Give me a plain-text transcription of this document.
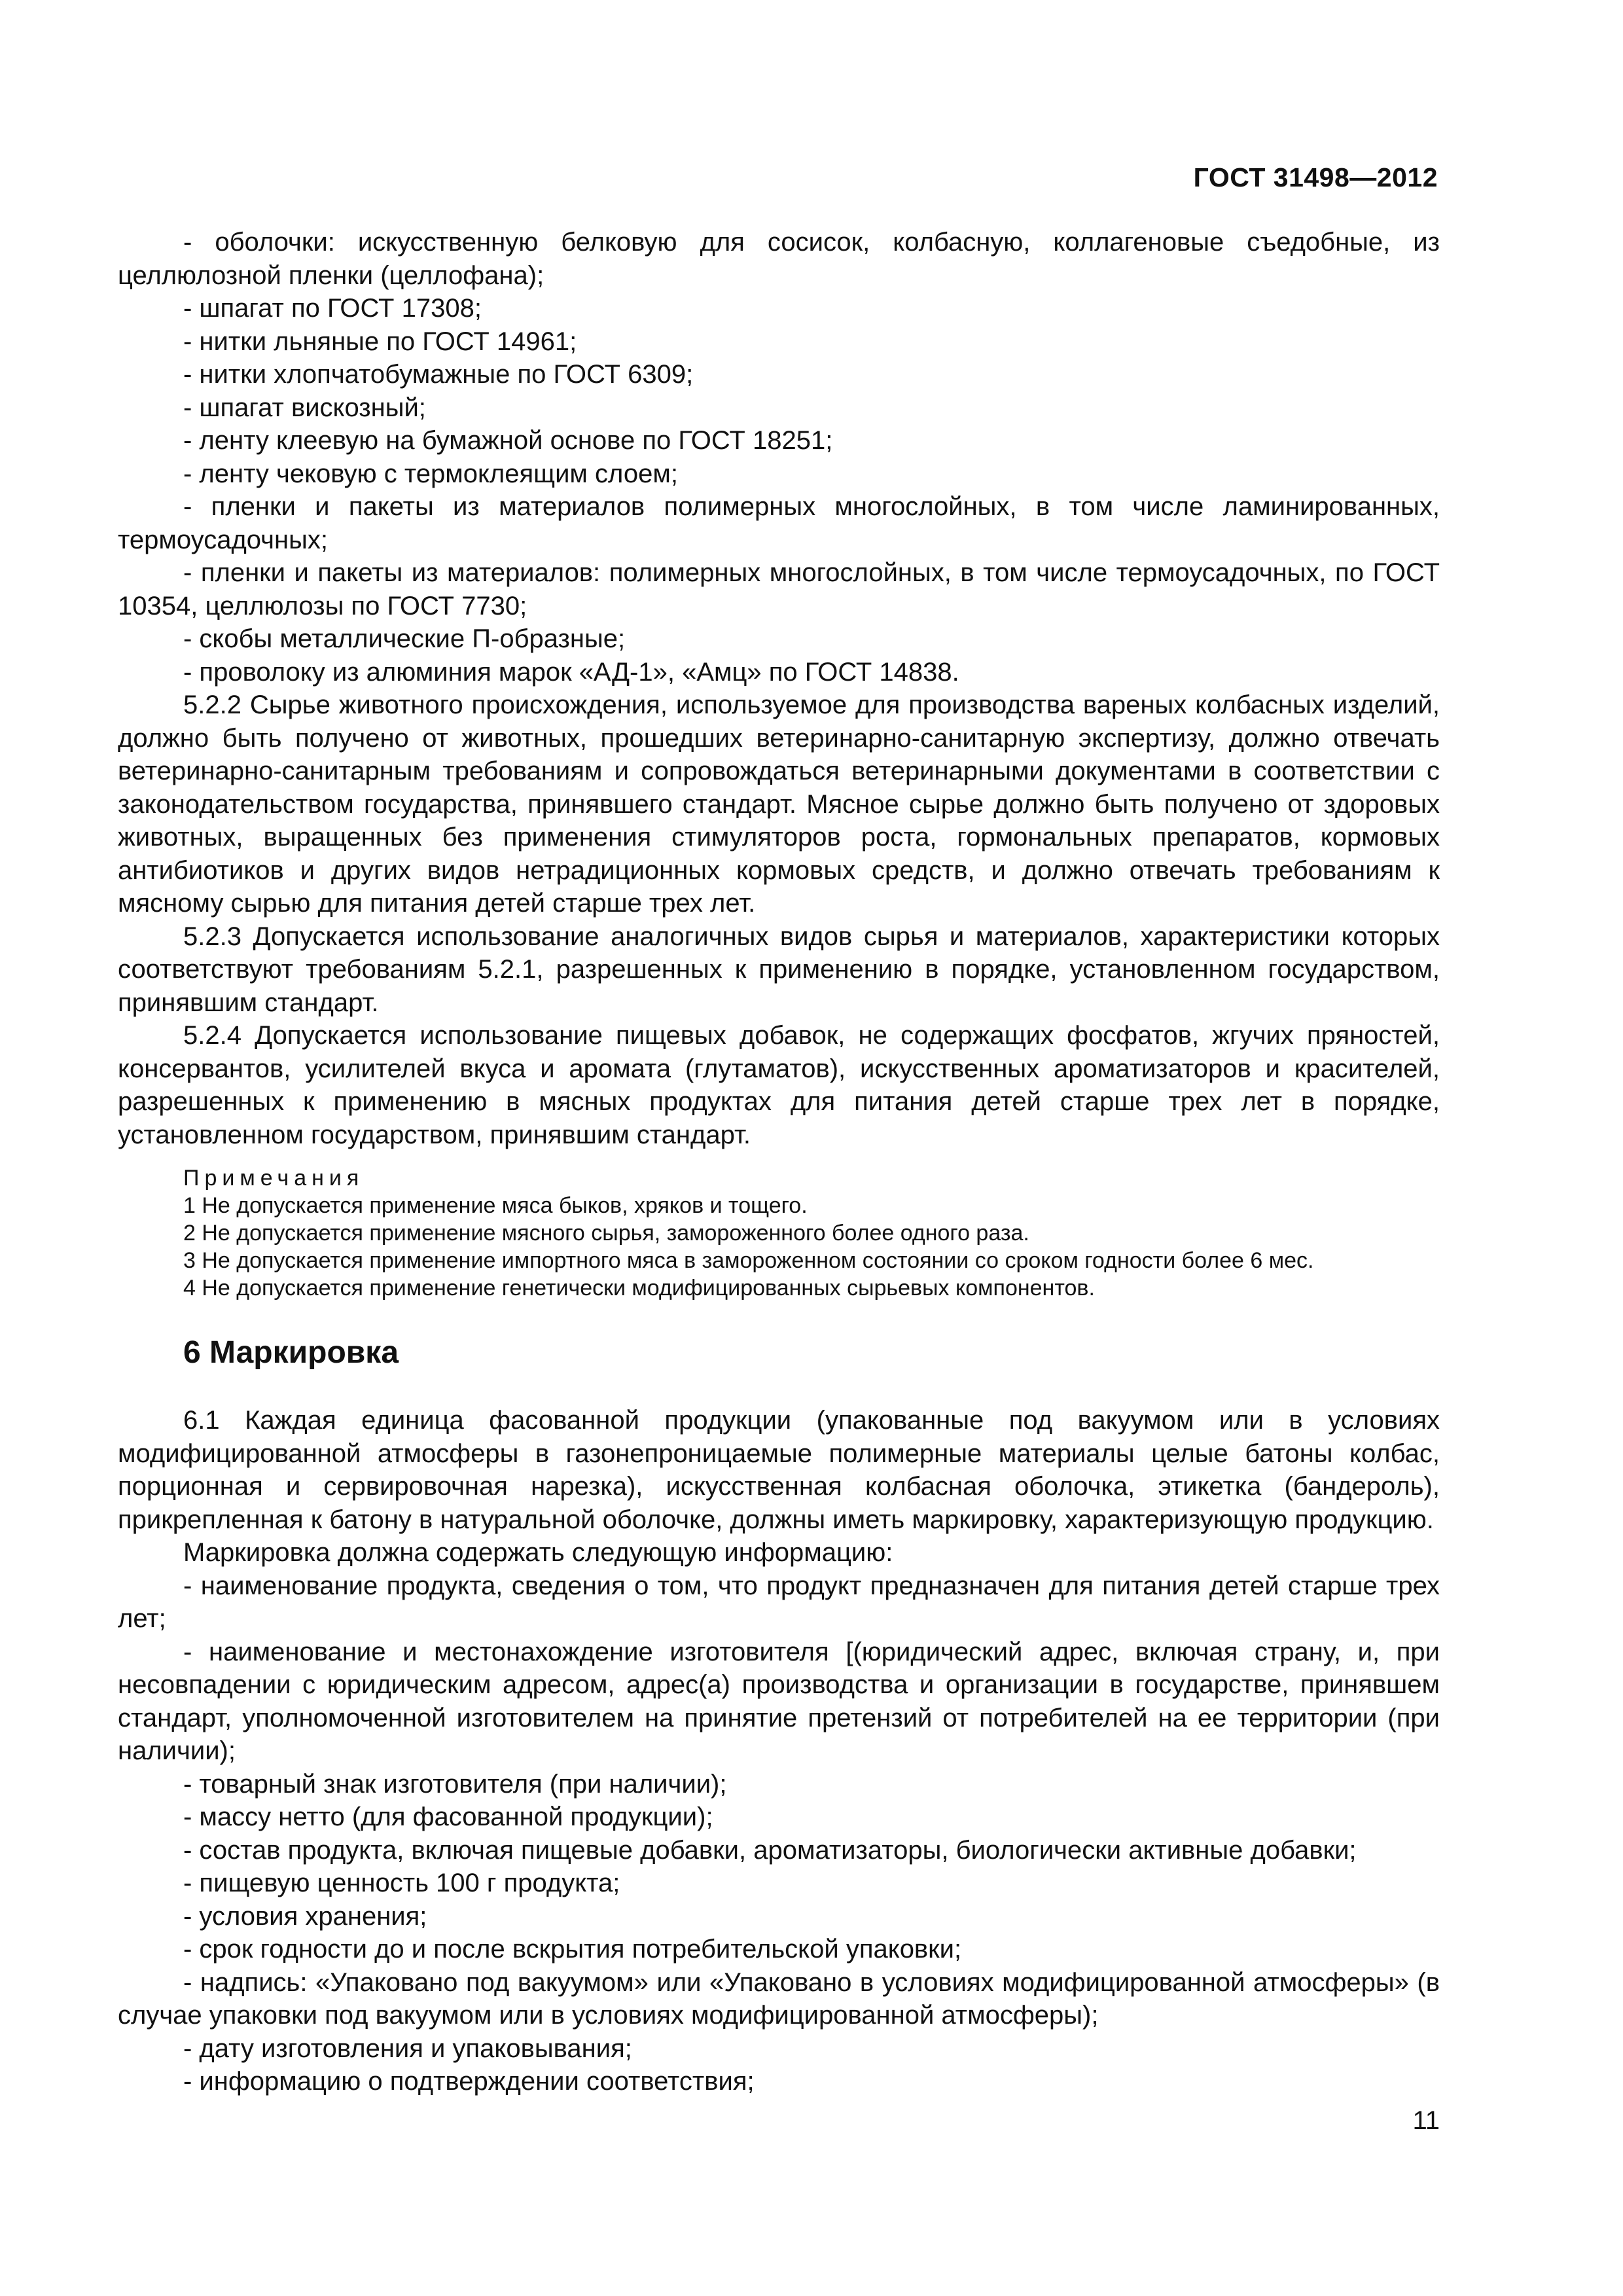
ГОСТ 31498—2012

- оболочки: искусственную белковую для сосисок, колбасную, коллагеновые съедобные, из целлюлозной пленки (целлофана);

- шпагат по ГОСТ 17308;

- нитки льняные по ГОСТ 14961;

- нитки хлопчатобумажные по ГОСТ 6309;

- шпагат вискозный;

- ленту клеевую на бумажной основе по ГОСТ 18251;

- ленту чековую с термоклеящим слоем;

- пленки и пакеты из материалов полимерных многослойных, в том числе ламинированных, термоусадочных;

- пленки и пакеты из материалов: полимерных многослойных, в том числе термоусадочных, по ГОСТ 10354, целлюлозы по ГОСТ 7730;

- скобы металлические П-образные;

- проволоку из алюминия марок «АД-1», «Амц» по ГОСТ 14838.

5.2.2 Сырье животного происхождения, используемое для производства вареных колбасных изделий, должно быть получено от животных, прошедших ветеринарно-санитарную экспертизу, должно отвечать ветеринарно-санитарным требованиям и сопровождаться ветеринарными документами в соответствии с законодательством государства, принявшего стандарт. Мясное сырье должно быть получено от здоровых животных, выращенных без применения стимуляторов роста, гормональных препаратов, кормовых антибиотиков и других видов нетрадиционных кормовых средств, и должно отвечать требованиям к мясному сырью для питания детей старше трех лет.

5.2.3 Допускается использование аналогичных видов сырья и материалов, характеристики которых соответствуют требованиям 5.2.1, разрешенных к применению в порядке, установленном государством, принявшим стандарт.

5.2.4 Допускается использование пищевых добавок, не содержащих фосфатов, жгучих пряностей, консервантов, усилителей вкуса и аромата (глутаматов), искусственных ароматизаторов и красителей, разрешенных к применению в мясных продуктах для питания детей старше трех лет в порядке, установленном государством, принявшим стандарт.

Примечания
1 Не допускается применение мяса быков, хряков и тощего.
2 Не допускается применение мясного сырья, замороженного более одного раза.
3 Не допускается применение импортного мяса в замороженном состоянии со сроком годности более 6 мес.
4 Не допускается применение генетически модифицированных сырьевых компонентов.
6 Маркировка

6.1 Каждая единица фасованной продукции (упакованные под вакуумом или в условиях модифицированной атмосферы в газонепроницаемые полимерные материалы целые батоны колбас, порционная и сервировочная нарезка), искусственная колбасная оболочка, этикетка (бандероль), прикрепленная к батону в натуральной оболочке, должны иметь маркировку, характеризующую продукцию.

Маркировка должна содержать следующую информацию:

- наименование продукта, сведения о том, что продукт предназначен для питания детей старше трех лет;

- наименование и местонахождение изготовителя [(юридический адрес, включая страну, и, при несовпадении с юридическим адресом, адрес(а) производства и организации в государстве, принявшем стандарт, уполномоченной изготовителем на принятие претензий от потребителей на ее территории (при наличии);

- товарный знак изготовителя (при наличии);

- массу нетто (для фасованной продукции);

- состав продукта, включая пищевые добавки, ароматизаторы, биологически активные добавки;

- пищевую ценность 100 г продукта;

- условия хранения;

- срок годности до и после вскрытия потребительской упаковки;

- надпись: «Упаковано под вакуумом» или «Упаковано в условиях модифицированной атмосферы» (в случае упаковки под вакуумом или в условиях модифицированной атмосферы);

- дату изготовления и упаковывания;

- информацию о подтверждении соответствия;

11
